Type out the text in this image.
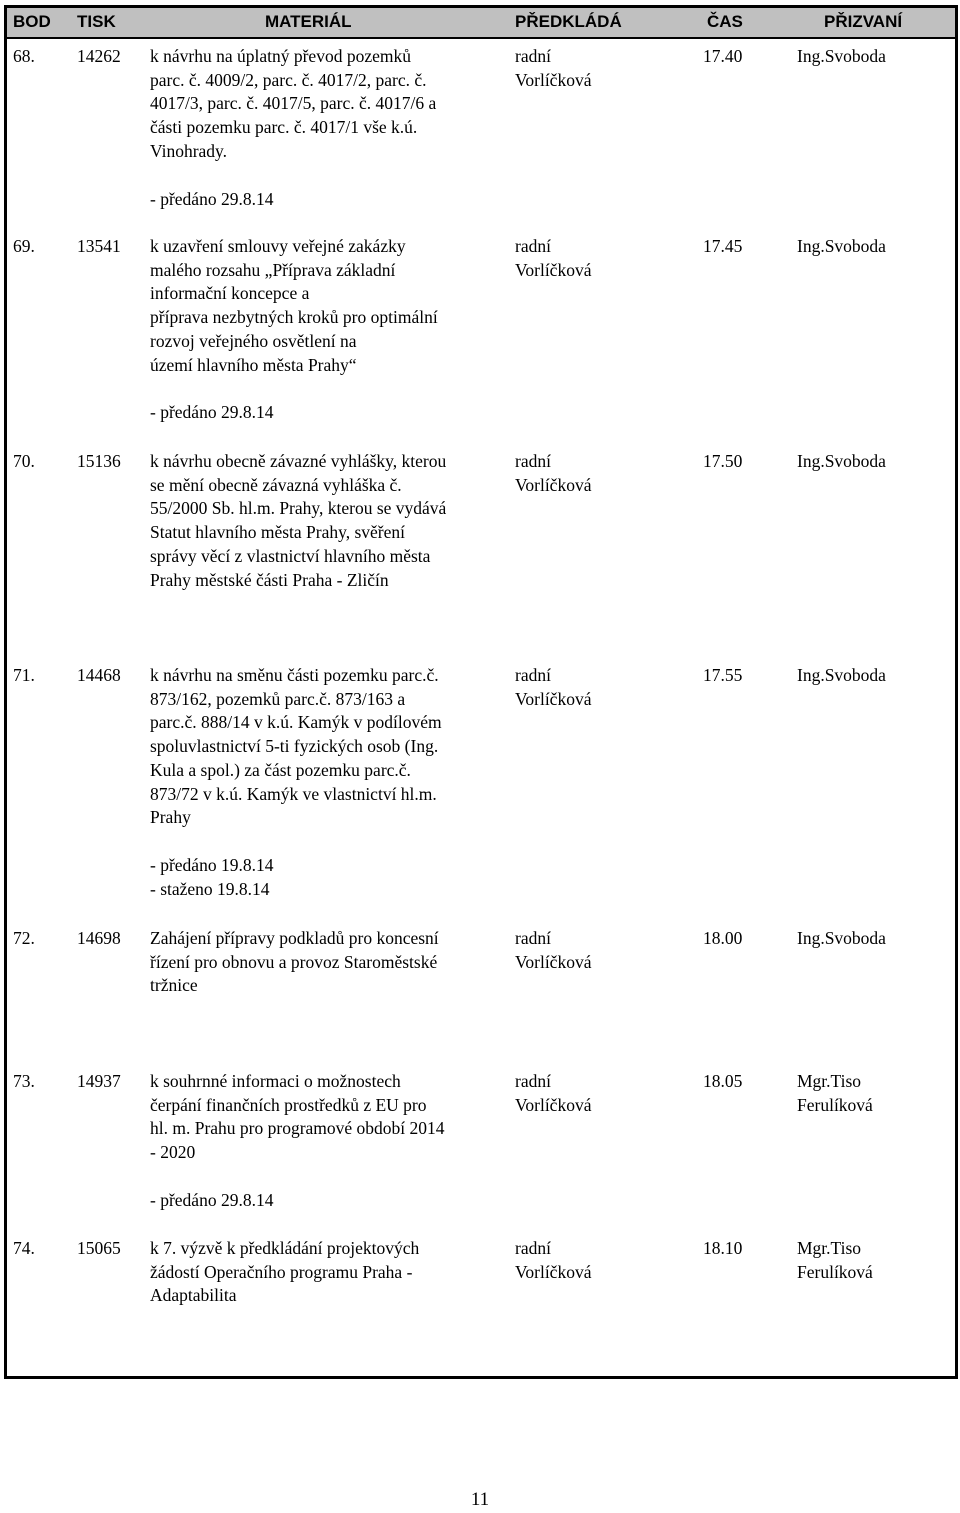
BOD TISK	MATERIÁL	PŘEDKLÁDÁ	ČAS	PŘIZVANÍ
68. 14262 k návrhu na úplatný převod pozemků
parc. č. 4009/2, parc. č. 4017/2, parc. č.
4017/3, parc. č. 4017/5, parc. č. 4017/6 a
části pozemku parc. č. 4017/1 vše k.ú.
Vinohrady.
- předáno 29.8.14
radní
Vorlíčková
17.40	Ing.Svoboda
69. 13541 k uzavření smlouvy veřejné zakázky
malého rozsahu „Příprava základní
informační koncepce a
příprava nezbytných kroků pro optimální
rozvoj veřejného osvětlení na
území hlavního města Prahy“
- předáno 29.8.14
radní
Vorlíčková
17.45	Ing.Svoboda
70. 15136 k návrhu obecně závazné vyhlášky, kterou
se mění obecně závazná vyhláška č.
55/2000 Sb. hl.m. Prahy, kterou se vydává
Statut hlavního města Prahy, svěření
správy věcí z vlastnictví hlavního města
Prahy městské části Praha - Zličín
radní
Vorlíčková
17.50	Ing.Svoboda
71. 14468 k návrhu na směnu části pozemku parc.č.
873/162, pozemků parc.č. 873/163 a
parc.č. 888/14 v k.ú. Kamýk v podílovém
spoluvlastnictví 5-ti fyzických osob (Ing.
Kula a spol.) za část pozemku parc.č.
873/72 v k.ú. Kamýk ve vlastnictví hl.m.
Prahy
- předáno 19.8.14
- staženo 19.8.14
radní
Vorlíčková
17.55	Ing.Svoboda
72. 14698 Zahájení přípravy podkladů pro koncesní
řízení pro obnovu a provoz Staroměstské
tržnice
radní
Vorlíčková
18.00	Ing.Svoboda
73. 14937 k souhrnné informaci o možnostech
čerpání finančních prostředků z EU pro
hl. m. Prahu pro programové období 2014
- 2020
- předáno 29.8.14
radní
Vorlíčková
18.05	Mgr.Tiso
Ferulíková
74. 15065 k 7. výzvě k předkládání projektových
žádostí Operačního programu Praha -
Adaptabilita
radní
Vorlíčková
18.10	Mgr.Tiso
Ferulíková
11
